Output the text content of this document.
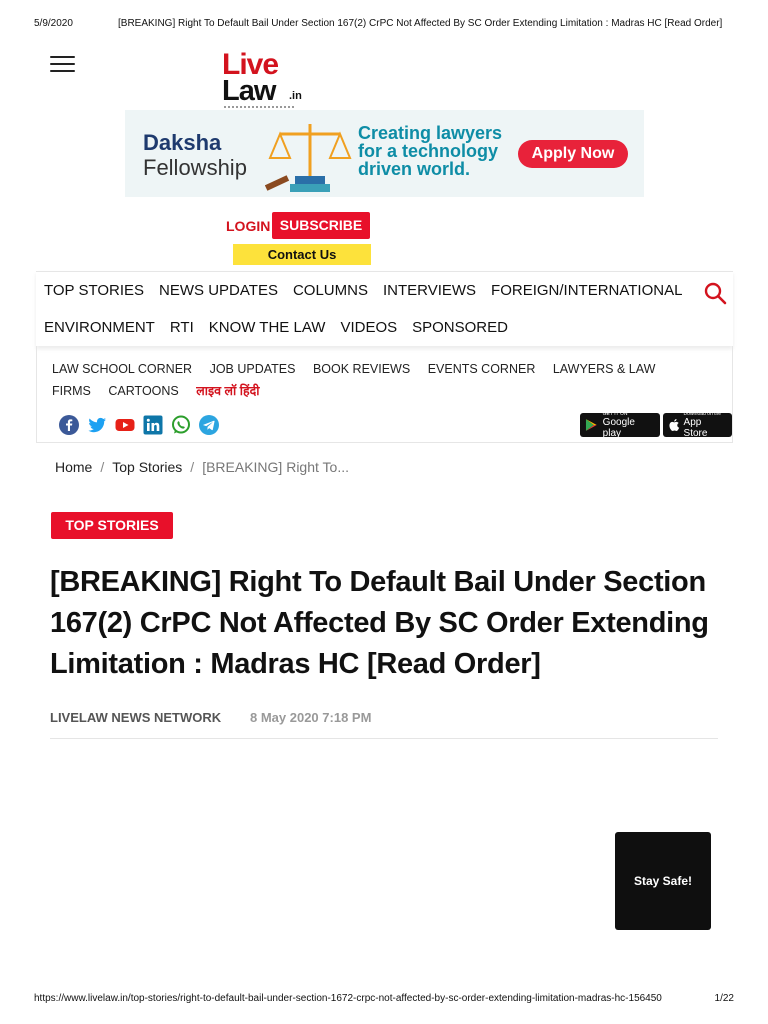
5/9/2020	[BREAKING] Right To Default Bail Under Section 167(2) CrPC Not Affected By SC Order Extending Limitation : Madras HC [Read Order]
Live
Law .in
Daksha
Fellowship
Creating lawyers for a technology driven world.
Apply Now
LOGIN SUBSCRIBE
Contact Us
TOP STORIES NEWS UPDATES COLUMNS INTERVIEWS FOREIGN/INTERNATIONAL
ENVIRONMENT RTI KNOW THE LAW VIDEOS SPONSORED
LAW SCHOOL CORNER JOB UPDATES BOOK REVIEWS EVENTS CORNER LAWYERS & LAW
FIRMS CARTOONS लाइव लॉ हिंदी
GET IT ON
Google play
Download on the
App Store
Home / Top Stories / [BREAKING] Right To...
TOP STORIES
[BREAKING] Right To Default Bail Under Section 167(2) CrPC Not Affected By SC Order Extending Limitation : Madras HC [Read Order]
LIVELAW NEWS NETWORK 8 May 2020 7:18 PM
Stay Safe!
https://www.livelaw.in/top-stories/right-to-default-bail-under-section-1672-crpc-not-affected-by-sc-order-extending-limitation-madras-hc-156450	1/22
